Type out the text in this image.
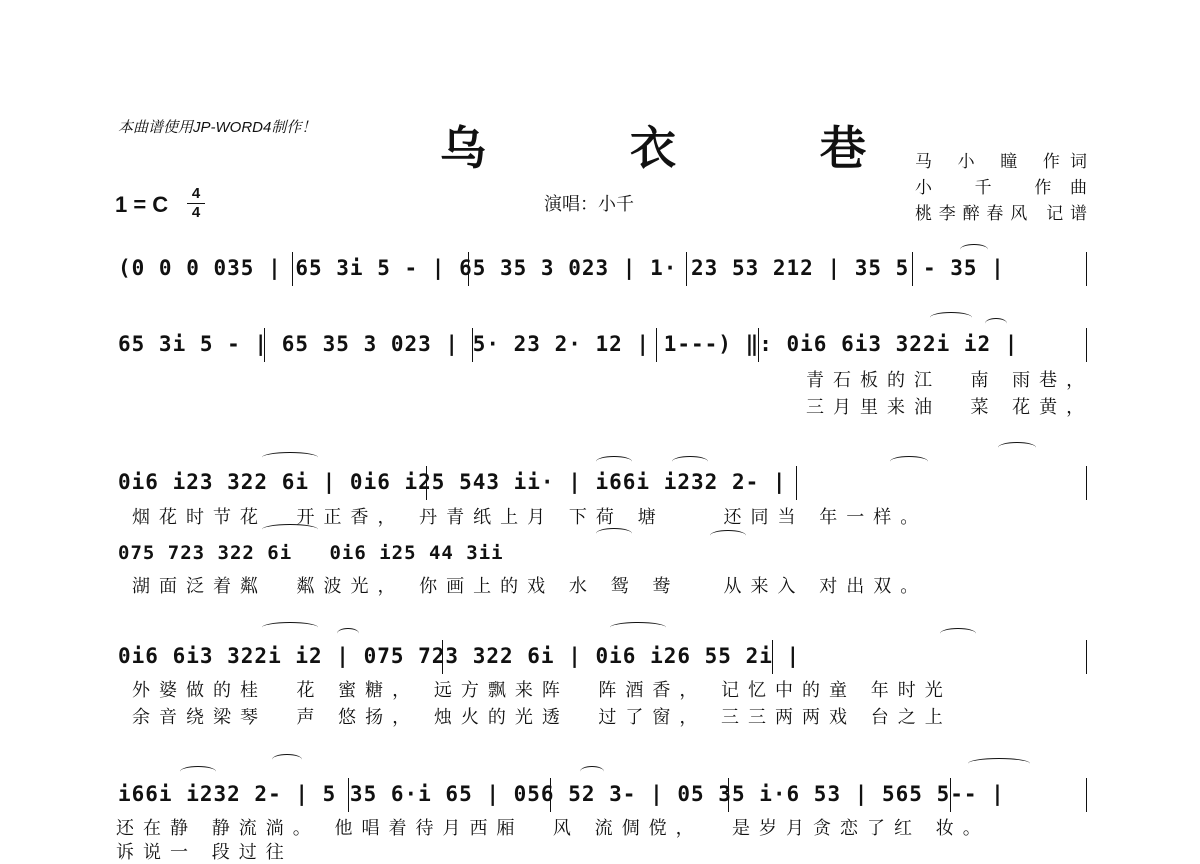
本曲谱使用JP-WORD4制作！	乌 衣 巷
1 = C	4
4	演唱：小千
马 小 瞳 作词
小 千 作曲
桃李醉春风 记谱
(0 0 0 035 | 65 3i 5 - | 65 35 3 023 | 1· 23 53 212 | 35 5 - 35 |
65 3i 5 - | 65 35 3 023 | 5· 23 2· 12 | 1---) ‖: 0i6 6i3 322i i2 |
青石板的江  南 雨巷，
三月里来油  菜 花黄，
0i6 i23 322 6i | 0i6 i25 543 ii· | i66i i232 2- |
烟花时节花  开正香， 丹青纸上月 下荷 塘    还同当 年一样。
075 723 322 6i   0i6 i25 44 3ii
湖面泛着粼  粼波光， 你画上的戏 水 鸳 鸯   从来入 对出双。
0i6 6i3 322i i2 | 075 723 322 6i | 0i6 i26 55 2i |
外婆做的桂  花 蜜糖， 远方飘来阵  阵酒香， 记忆中的童 年时光
余音绕梁琴  声 悠扬， 烛火的光透  过了窗， 三三两两戏 台之上
i66i i232 2- | 5 35 6·i 65 | 056 52 3- | 05 35 i·6 53 | 565 5-- |
还在静 静流淌。 他唱着待月西厢  风 流倜傥，  是岁月贪恋了红 妆。
诉说一 段过往
